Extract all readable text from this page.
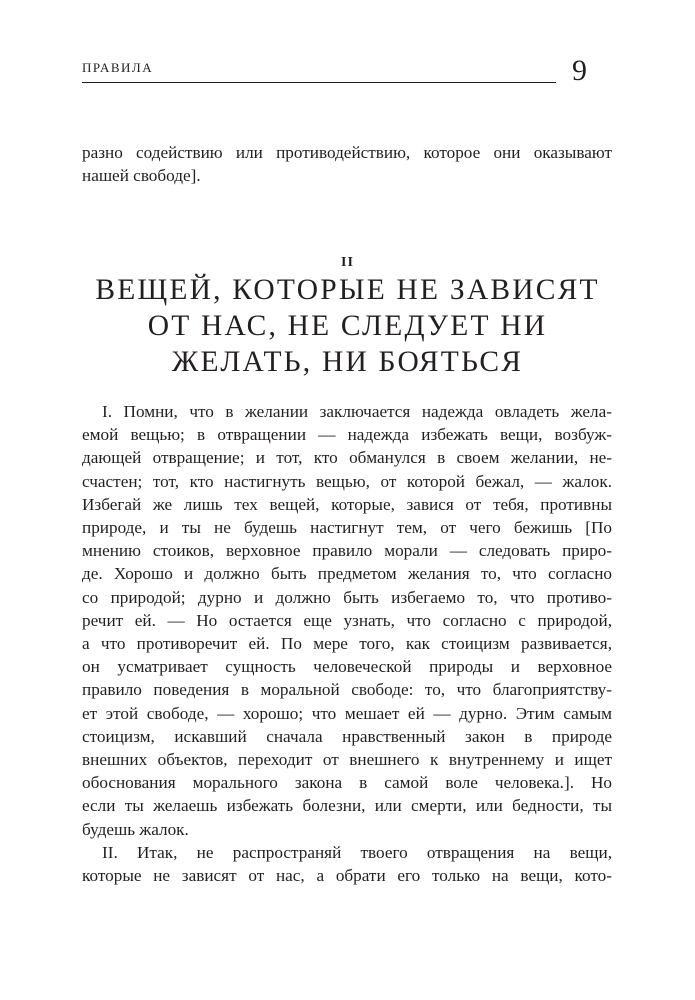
ПРАВИЛА	9
разно содействию или противодействию, которое они оказывают
нашей свободе].
II
ВЕЩЕЙ, КОТОРЫЕ НЕ ЗАВИСЯТ
ОТ НАС, НЕ СЛЕДУЕТ НИ
ЖЕЛАТЬ, НИ БОЯТЬСЯ
I. Помни, что в желании заключается надежда овладеть жела-
емой вещью; в отвращении — надежда избежать вещи, возбуж-
дающей отвращение; и тот, кто обманулся в своем желании, не-
счастен; тот, кто настигнуть вещью, от которой бежал, — жалок.
Избегай же лишь тех вещей, которые, завися от тебя, противны
природе, и ты не будешь настигнут тем, от чего бежишь [По
мнению стоиков, верховное правило морали — следовать приро-
де. Хорошо и должно быть предметом желания то, что согласно
со природой; дурно и должно быть избегаемо то, что противо-
речит ей. — Но остается еще узнать, что согласно с природой,
а что противоречит ей. По мере того, как стоицизм развивается,
он усматривает сущность человеческой природы и верховное
правило поведения в моральной свободе: то, что благоприятству-
ет этой свободе, — хорошо; что мешает ей — дурно. Этим самым
стоицизм, искавший сначала нравственный закон в природе
внешних объектов, переходит от внешнего к внутреннему и ищет
обоснования морального закона в самой воле человека.]. Но
если ты желаешь избежать болезни, или смерти, или бедности, ты
будешь жалок.
II. Итак, не распространяй твоего отвращения на вещи,
которые не зависят от нас, а обрати его только на вещи, кото-
